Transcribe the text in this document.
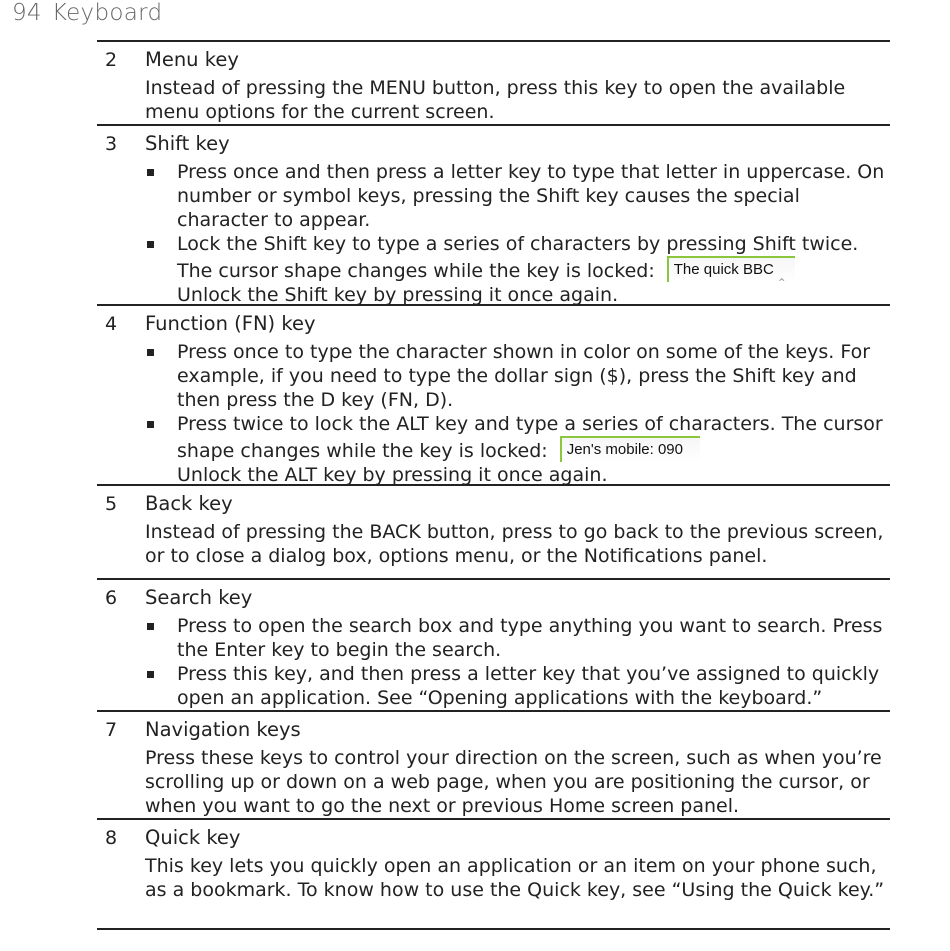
94 Keyboard
2 Menu key
Instead of pressing the MENU button, press this key to open the available menu options for the current screen.
3 Shift key
Press once and then press a letter key to type that letter in uppercase. On number or symbol keys, pressing the Shift key causes the special character to appear.
Lock the Shift key to type a series of characters by pressing Shift twice. The cursor shape changes while the key is locked: The quick BBC
⌃

Unlock the Shift key by pressing it once again.
4 Function (FN) key
Press once to type the character shown in color on some of the keys. For example, if you need to type the dollar sign ($), press the Shift key and then press the D key (FN, D).
Press twice to lock the ALT key and type a series of characters. The cursor shape changes while the key is locked: Jen's mobile: 090

Unlock the ALT key by pressing it once again.
5 Back key
Instead of pressing the BACK button, press to go back to the previous screen, or to close a dialog box, options menu, or the Notifications panel.
6 Search key
Press to open the search box and type anything you want to search. Press the Enter key to begin the search.
Press this key, and then press a letter key that you’ve assigned to quickly open an application. See “Opening applications with the keyboard.”
7 Navigation keys
Press these keys to control your direction on the screen, such as when you’re scrolling up or down on a web page, when you are positioning the cursor, or when you want to go the next or previous Home screen panel.
8 Quick key
This key lets you quickly open an application or an item on your phone such, as a bookmark. To know how to use the Quick key, see “Using the Quick key.”
